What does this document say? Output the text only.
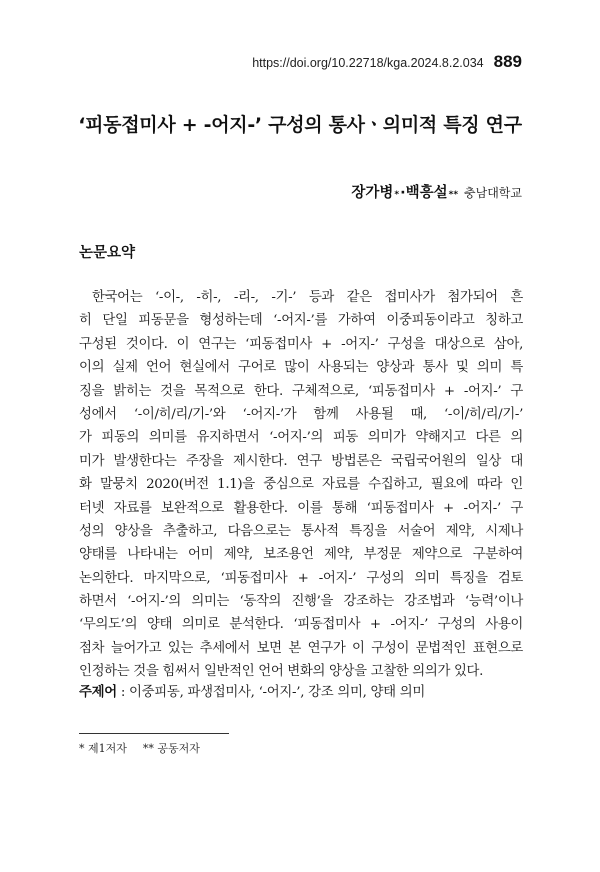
https://doi.org/10.22718/kga.2024.8.2.034 889
‘피동접미사 + -어지-’ 구성의 통사ㆍ의미적 특징 연구
장가병 * · 백흥설 ** 충남대학교
논문요약
한국어는 ‘-이-, -히-, -리-, -기-’ 등과 같은 접미사가 첨가되어 흔
히 단일 피동문을 형성하는데 ‘-어지-’를 가하여 이중피동이라고 칭하고
구성된 것이다. 이 연구는 ‘피동접미사 + -어지-’ 구성을 대상으로 삼아,
이의 실제 언어 현실에서 구어로 많이 사용되는 양상과 통사 및 의미 특
징을 밝히는 것을 목적으로 한다. 구체적으로, ‘피동접미사 + -어지-’ 구
성에서 ‘-이/히/리/기-’와 ‘-어지-’가 함께 사용될 때, ‘-이/히/리/기-’
가 피동의 의미를 유지하면서 ‘-어지-’의 피동 의미가 약해지고 다른 의
미가 발생한다는 주장을 제시한다. 연구 방법론은 국립국어원의 일상 대
화 말뭉치 2020(버전 1.1)을 중심으로 자료를 수집하고, 필요에 따라 인
터넷 자료를 보완적으로 활용한다. 이를 통해 ‘피동접미사 + -어지-’ 구
성의 양상을 추출하고, 다음으로는 통사적 특징을 서술어 제약, 시제나
양태를 나타내는 어미 제약, 보조용언 제약, 부정문 제약으로 구분하여
논의한다. 마지막으로, ‘피동접미사 + -어지-’ 구성의 의미 특징을 검토
하면서 ‘-어지-’의 의미는 ‘동작의 진행’을 강조하는 강조법과 ‘능력’이나
‘무의도’의 양태 의미로 분석한다. ‘피동접미사 + -어지-’ 구성의 사용이
점차 늘어가고 있는 추세에서 보면 본 연구가 이 구성이 문법적인 표현으로
인정하는 것을 힘써서 일반적인 언어 변화의 양상을 고찰한 의의가 있다.
주제어 : 이중피동, 파생접미사, ‘-어지-’, 강조 의미, 양태 의미
* 제1저자 ** 공동저자
